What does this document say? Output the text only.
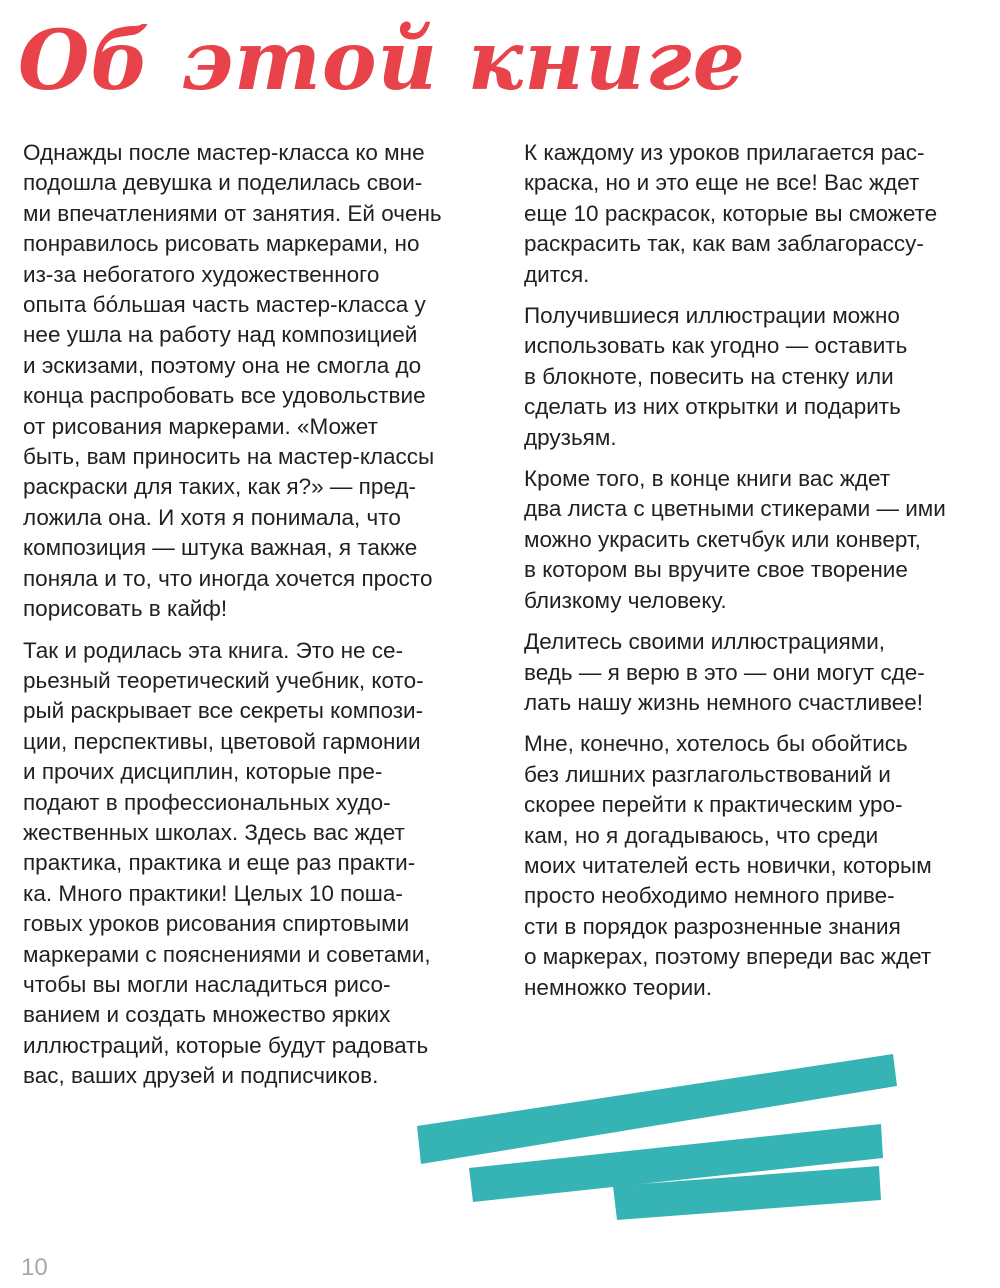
Об этой книге

Однажды после мастер-класса ко мне
подошла девушка и поделилась свои-
ми впечатлениями от занятия. Ей очень
понравилось рисовать маркерами, но
из-за небогатого художественного
опыта бóльшая часть мастер-класса у
нее ушла на работу над композицией
и эскизами, поэтому она не смогла до
конца распробовать все удовольствие
от рисования маркерами. «Может
быть, вам приносить на мастер-классы
раскраски для таких, как я?» — пред-
ложила она. И хотя я понимала, что
композиция — штука важная, я также
поняла и то, что иногда хочется просто
порисовать в кайф!

Так и родилась эта книга. Это не се-
рьезный теоретический учебник, кото-
рый раскрывает все секреты компози-
ции, перспективы, цветовой гармонии
и прочих дисциплин, которые пре-
подают в профессиональных худо-
жественных школах. Здесь вас ждет
практика, практика и еще раз практи-
ка. Много практики! Целых 10 поша-
говых уроков рисования спиртовыми
маркерами с пояснениями и советами,
чтобы вы могли насладиться рисо-
ванием и создать множество ярких
иллюстраций, которые будут радовать
вас, ваших друзей и подписчиков.

К каждому из уроков прилагается рас-
краска, но и это еще не все! Вас ждет
еще 10 раскрасок, которые вы сможете
раскрасить так, как вам заблагорассу-
дится.

Получившиеся иллюстрации можно
использовать как угодно — оставить
в блокноте, повесить на стенку или
сделать из них открытки и подарить
друзьям.

Кроме того, в конце книги вас ждет
два листа с цветными стикерами — ими
можно украсить скетчбук или конверт,
в котором вы вручите свое творение
близкому человеку.

Делитесь своими иллюстрациями,
ведь — я верю в это — они могут сде-
лать нашу жизнь немного счастливее!

Мне, конечно, хотелось бы обойтись
без лишних разглагольствований и
скорее перейти к практическим уро-
кам, но я догадываюсь, что среди
моих читателей есть новички, которым
просто необходимо немного приве-
сти в порядок разрозненные знания
о маркерах, поэтому впереди вас ждет
немножко теории.

10
